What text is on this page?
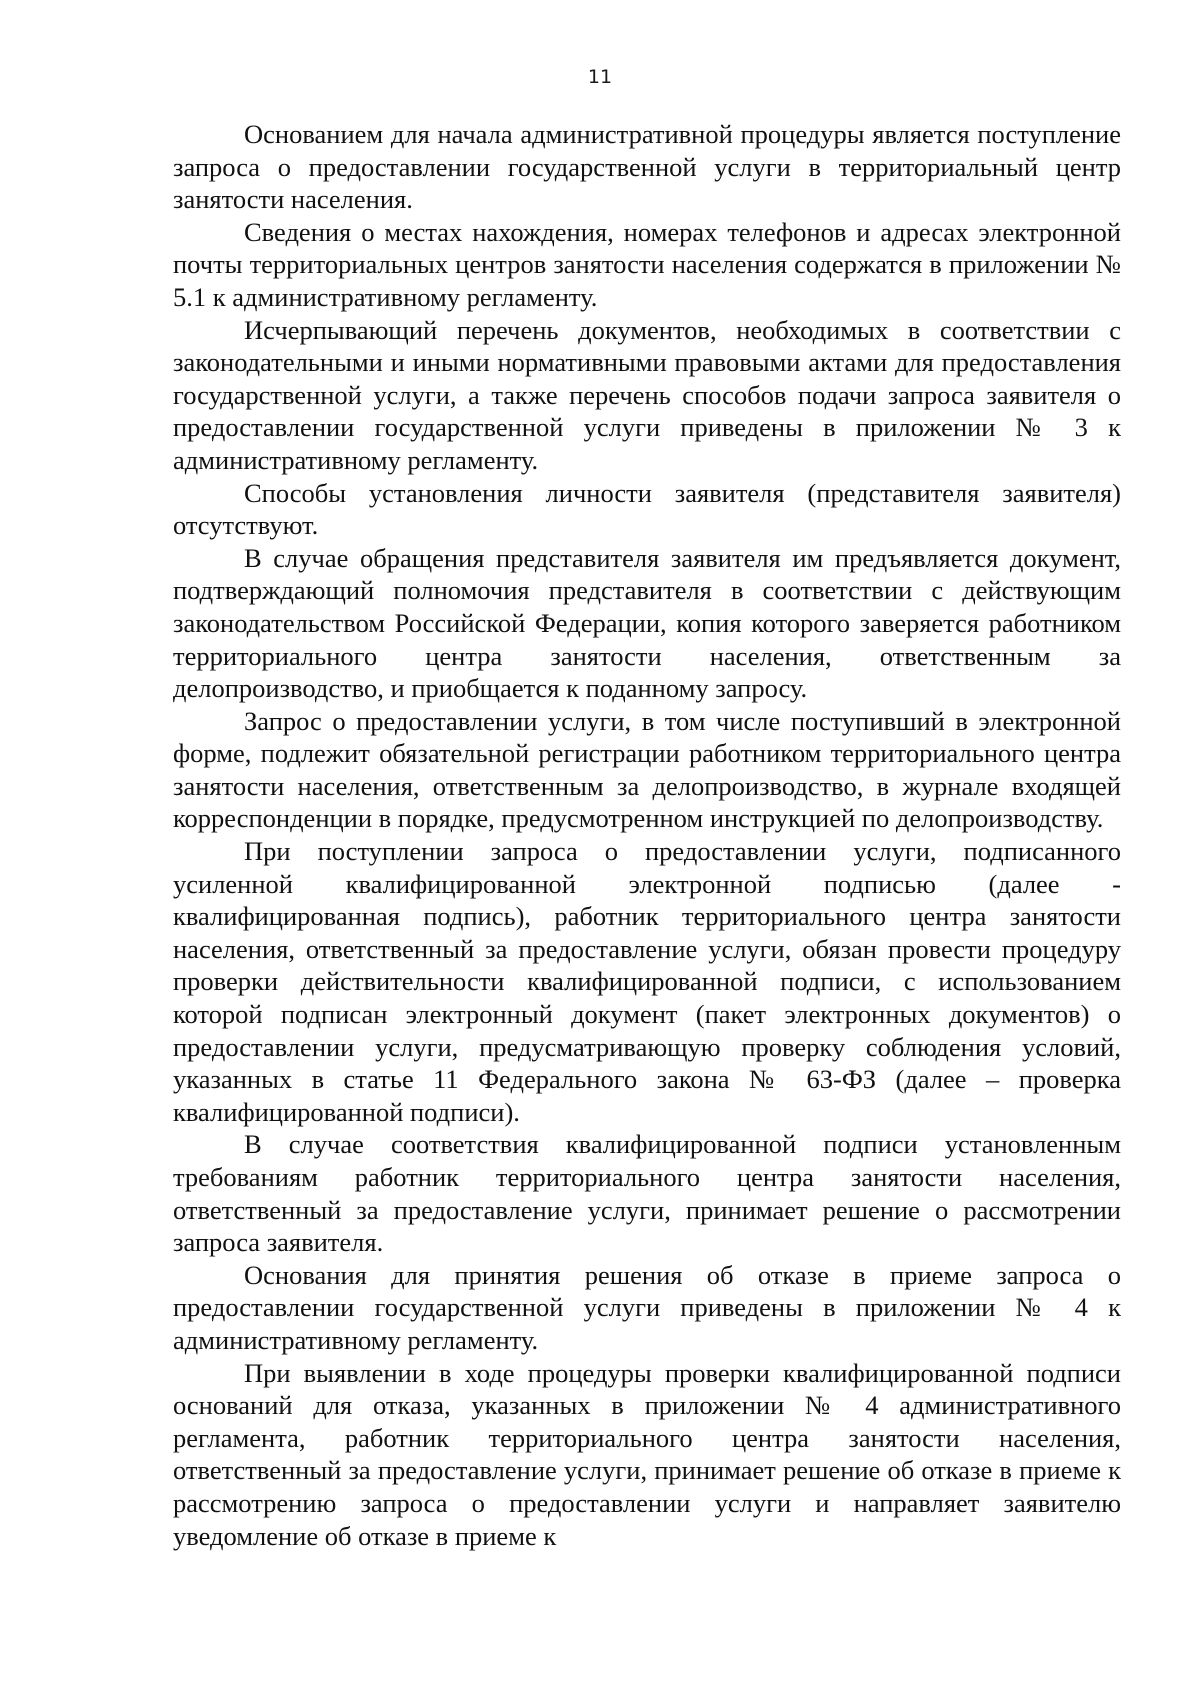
11

Основанием для начала административной процедуры является поступление запроса о предоставлении государственной услуги в территориальный центр занятости населения.

Сведения о местах нахождения, номерах телефонов и адресах электронной почты территориальных центров занятости населения содержатся в приложении № 5.1 к административному регламенту.

Исчерпывающий перечень документов, необходимых в соответствии с законодательными и иными нормативными правовыми актами для предоставления государственной услуги, а также перечень способов подачи запроса заявителя о предоставлении государственной услуги приведены в приложении № 3 к административному регламенту.

Способы установления личности заявителя (представителя заявителя) отсутствуют.

В случае обращения представителя заявителя им предъявляется документ, подтверждающий полномочия представителя в соответствии с действующим законодательством Российской Федерации, копия которого заверяется работником территориального центра занятости населения, ответственным за делопроизводство, и приобщается к поданному запросу.

Запрос о предоставлении услуги, в том числе поступивший в электронной форме, подлежит обязательной регистрации работником территориального центра занятости населения, ответственным за делопроизводство, в журнале входящей корреспонденции в порядке, предусмотренном инструкцией по делопроизводству.

При поступлении запроса о предоставлении услуги, подписанного усиленной квалифицированной электронной подписью (далее - квалифицированная подпись), работник территориального центра занятости населения, ответственный за предоставление услуги, обязан провести процедуру проверки действительности квалифицированной подписи, с использованием которой подписан электронный документ (пакет электронных документов) о предоставлении услуги, предусматривающую проверку соблюдения условий, указанных в статье 11 Федерального закона № 63-ФЗ (далее – проверка квалифицированной подписи).

В случае соответствия квалифицированной подписи установленным требованиям работник территориального центра занятости населения, ответственный за предоставление услуги, принимает решение о рассмотрении запроса заявителя.

Основания для принятия решения об отказе в приеме запроса о предоставлении государственной услуги приведены в приложении № 4 к административному регламенту.

При выявлении в ходе процедуры проверки квалифицированной подписи оснований для отказа, указанных в приложении № 4 административного регламента, работник территориального центра занятости населения, ответственный за предоставление услуги, принимает решение об отказе в приеме к рассмотрению запроса о предоставлении услуги и направляет заявителю уведомление об отказе в приеме к
